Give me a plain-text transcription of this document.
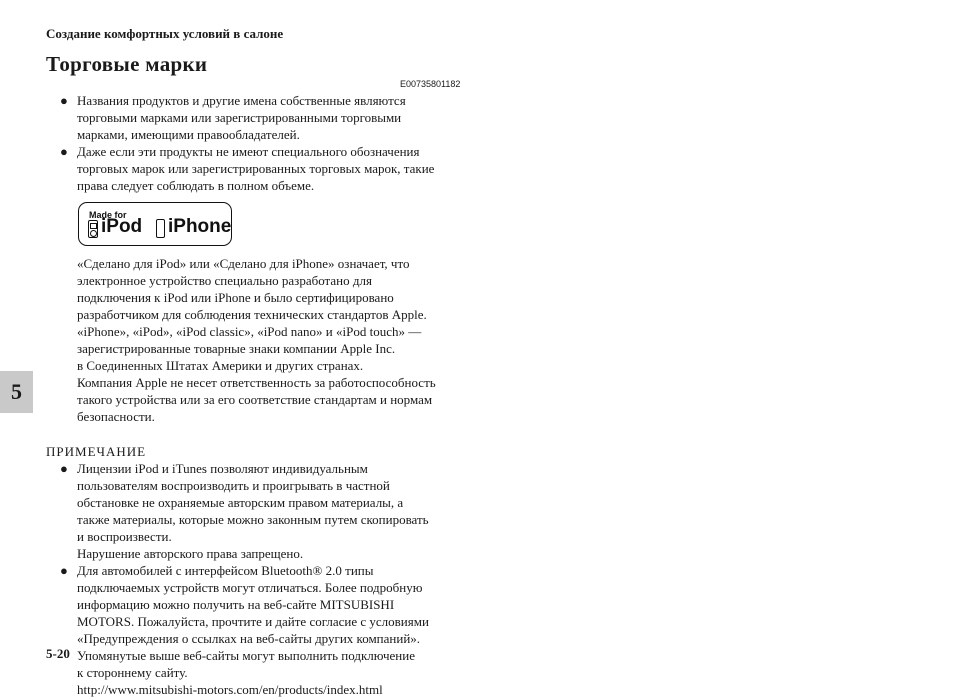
Создание комфортных условий в салоне
Торговые марки
E00735801182
5
● Названия продуктов и другие имена собственные являются
торговыми марками или зарегистрированными торговыми
марками, имеющими правообладателей.
● Даже если эти продукты не имеют специального обозначения
торговых марок или зарегистрированных торговых марок, такие
права следует соблюдать в полном объеме.
Made for
iPod iPhone
«Сделано для iPod» или «Сделано для iPhone» означает, что
электронное устройство специально разработано для
подключения к iPod или iPhone и было сертифицировано
разработчиком для соблюдения технических стандартов Apple.
«iPhone», «iPod», «iPod classic», «iPod nano» и «iPod touch» —
зарегистрированные товарные знаки компании Apple Inc.
в Соединенных Штатах Америки и других странах.
Компания Apple не несет ответственность за работоспособность
такого устройства или за его соответствие стандартам и нормам
безопасности.
ПРИМЕЧАНИЕ
● Лицензии iPod и iTunes позволяют индивидуальным
пользователям воспроизводить и проигрывать в частной
обстановке не охраняемые авторским правом материалы, а
также материалы, которые можно законным путем скопировать
и воспроизвести.
Нарушение авторского права запрещено.
● Для автомобилей с интерфейсом Bluetooth® 2.0 типы
подключаемых устройств могут отличаться. Более подробную
информацию можно получить на веб-сайте MITSUBISHI
MOTORS. Пожалуйста, прочтите и дайте согласие с условиями
«Предупреждения о ссылках на веб-сайты других компаний».
Упомянутые выше веб-сайты могут выполнить подключение
к стороннему сайту.
http://www.mitsubishi-motors.com/en/products/index.html
5-20
